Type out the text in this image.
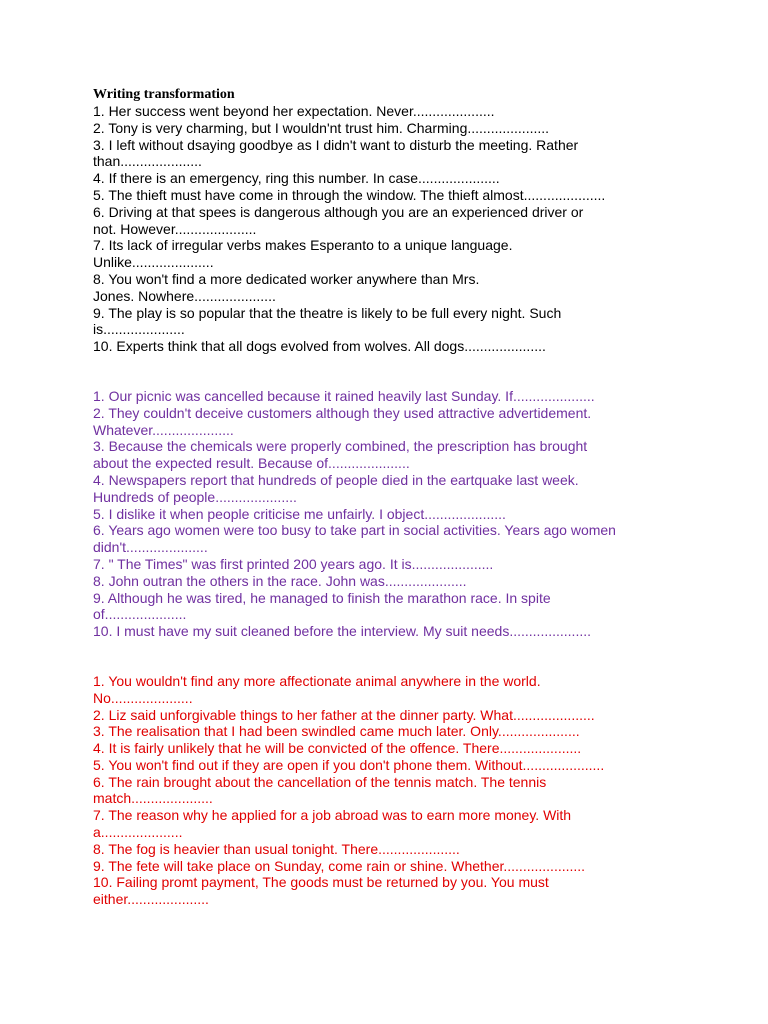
Writing transformation
1. Her success went beyond her expectation. Never.....................
2. Tony is very charming, but I wouldn'nt trust him. Charming.....................
3. I left without dsaying goodbye as I didn't want to disturb the meeting. Rather
than.....................
4. If there is an emergency, ring this number. In case.....................
5. The thieft must have come in through the window. The thieft almost.....................
6. Driving at that spees is dangerous although you are an experienced driver or
not. However.....................
7. Its lack of irregular verbs makes Esperanto to a unique language.
Unlike.....................
8. You won't find a more dedicated worker anywhere than Mrs.
Jones. Nowhere.....................
9. The play is so popular that the theatre is likely to be full every night. Such
is.....................
10. Experts think that all dogs evolved from wolves. All dogs.....................
1. Our picnic was cancelled because it rained heavily last Sunday. If.....................
2. They couldn't deceive customers although they used attractive advertidement.
Whatever.....................
3. Because the chemicals were properly combined, the prescription has brought
about the expected result. Because of.....................
4. Newspapers report that hundreds of people died in the eartquake last week.
Hundreds of people.....................
5. I dislike it when people criticise me unfairly. I object.....................
6. Years ago women were too busy to take part in social activities. Years ago women
didn't.....................
7. " The Times" was first printed 200 years ago. It is.....................
8. John outran the others in the race. John was.....................
9. Although he was tired, he managed to finish the marathon race. In spite
of.....................
10. I must have my suit cleaned before the interview. My suit needs.....................
1. You wouldn't find any more affectionate animal anywhere in the world.
No.....................
2. Liz said unforgivable things to her father at the dinner party. What.....................
3. The realisation that I had been swindled came much later. Only.....................
4. It is fairly unlikely that he will be convicted of the offence. There.....................
5. You won't find out if they are open if you don't phone them. Without.....................
6. The rain brought about the cancellation of the tennis match. The tennis
match.....................
7. The reason why he applied for a job abroad was to earn more money. With
a.....................
8. The fog is heavier than usual tonight. There.....................
9. The fete will take place on Sunday, come rain or shine. Whether.....................
10. Failing promt payment, The goods must be returned by you. You must
either.....................
